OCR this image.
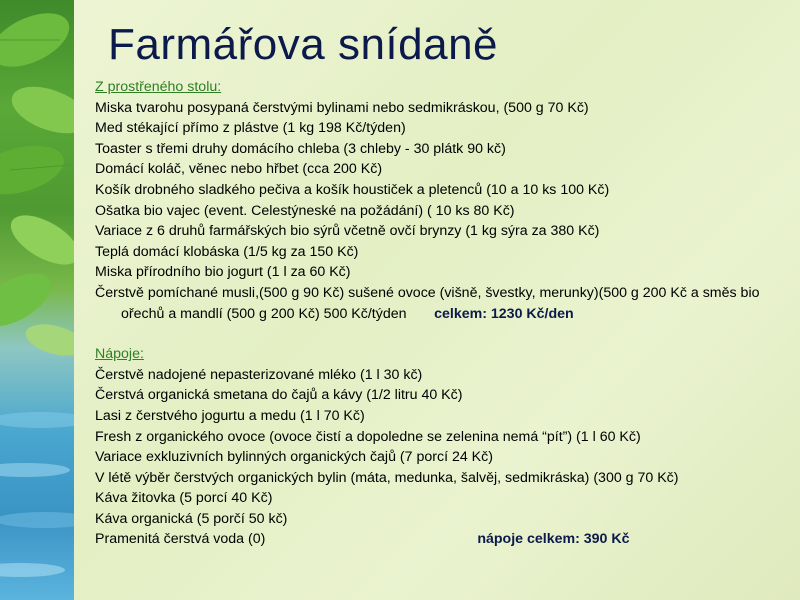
Farmářova snídaně
Z prostřeného stolu:
Miska tvarohu posypaná čerstvými bylinami nebo sedmikráskou, (500 g 70 Kč)
Med stékající přímo z plástve (1 kg 198 Kč/týden)
Toaster s třemi druhy domácího chleba (3 chleby - 30 plátk 90 kč)
Domácí koláč, věnec nebo hřbet (cca 200 Kč)
Košík drobného sladkého pečiva a košík houstiček a pletenců (10 a 10 ks 100 Kč)
Ošatka bio vajec (event. Celestýneské na požádání) ( 10 ks 80 Kč)
Variace z 6 druhů farmářských bio sýrů včetně ovčí brynzy (1 kg sýra za 380 Kč)
Teplá domácí klobáska (1/5 kg za 150 Kč)
Miska přírodního bio jogurt (1 l za 60 Kč)
Čerstvě pomíchané musli,(500 g 90 Kč) sušené ovoce (višně, švestky, merunky)(500 g 200 Kč a směs bio ořechů a mandlí (500 g 200 Kč) 500 Kč/týden celkem: 1230 Kč/den
Nápoje:
Čerstvě nadojené nepasterizované mléko (1 l 30 kč)
Čerstvá organická smetana do čajů a kávy (1/2 litru 40 Kč)
Lasi z čerstvého jogurtu a medu (1 l 70 Kč)
Fresh z organického ovoce (ovoce čistí a dopoledne se zelenina nemá “pít”) (1 l 60 Kč)
Variace exkluzivních bylinných organických čajů (7 porcí 24 Kč)
V létě výběr čerstvých organických bylin (máta, medunka, šalvěj, sedmikráska) (300 g 70 Kč)
Káva žitovka (5 porcí 40 Kč)
Káva organická (5 porčí 50 kč)
Pramenitá čerstvá voda (0)	nápoje celkem: 390 Kč
